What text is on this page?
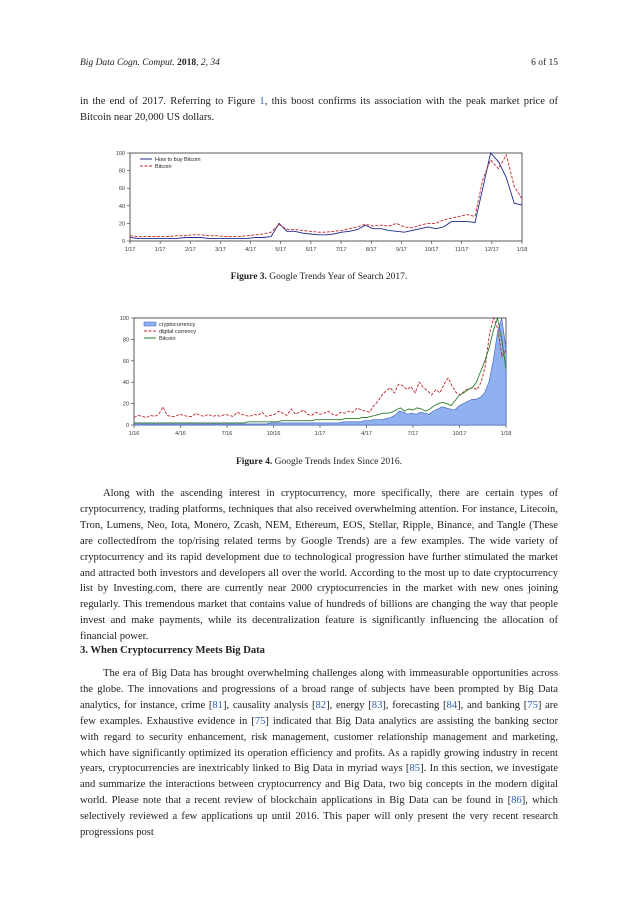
Big Data Cogn. Comput. 2018, 2, 34	6 of 15

in the end of 2017. Referring to Figure 1, this boost confirms its association with the peak market price of Bitcoin near 20,000 US dollars.

0
20
40
60
80
100
1/17	1/17	2/17	3/17	4/17	5/17	6/17	7/17	8/17	9/17	10/17	11/17	12/17	1/18
How to buy Bitcoin
Bitcoin
Figure 3. Google Trends Year of Search 2017.
0
20
40
60
80
100
1/16	4/16	7/16	10/16	1/17	4/17	7/17	10/17	1/18
cryptocurrency
digital currency
Bitcoin
Figure 4. Google Trends Index Since 2016.

Along with the ascending interest in cryptocurrency, more specifically, there are certain types of cryptocurrency, trading platforms, techniques that also received overwhelming attention. For instance, Litecoin, Tron, Lumens, Neo, Iota, Monero, Zcash, NEM, Ethereum, EOS, Stellar, Ripple, Binance, and Tangle (These are collectedfrom the top/rising related terms by Google Trends) are a few examples. The wide variety of cryptocurrency and its rapid development due to technological progression have further stimulated the market and attracted both investors and developers all over the world. According to the most up to date cryptocurrency list by Investing.com, there are currently near 2000 cryptocurrencies in the market with new ones joining regularly. This tremendous market that contains value of hundreds of billions are changing the way that people invest and make payments, while its decentralization feature is significantly influencing the allocation of financial power.

3. When Cryptocurrency Meets Big Data

The era of Big Data has brought overwhelming challenges along with immeasurable opportunities across the globe. The innovations and progressions of a broad range of subjects have been prompted by Big Data analytics, for instance, crime [81], causality analysis [82], energy [83], forecasting [84], and banking [75] are few examples. Exhaustive evidence in [75] indicated that Big Data analytics are assisting the banking sector with regard to security enhancement, risk management, customer relationship management and marketing, which have significantly optimized its operation efficiency and profits. As a rapidly growing industry in recent years, cryptocurrencies are inextricably linked to Big Data in myriad ways [85]. In this section, we investigate and summarize the interactions between cryptocurrency and Big Data, two big concepts in the modern digital world. Please note that a recent review of blockchain applications in Big Data can be found in [86], which selectively reviewed a few applications up until 2016. This paper will only present the very recent research progressions post
